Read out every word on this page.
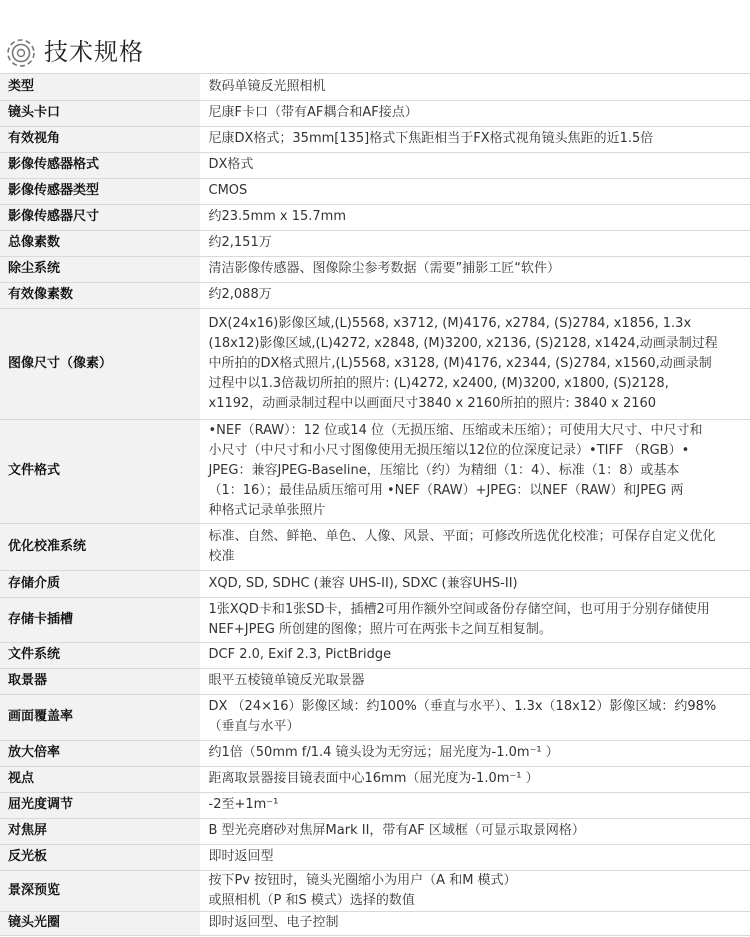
技术规格
类型	数码单镜反光照相机
镜头卡口	尼康F卡口（带有AF耦合和AF接点）
有效视角	尼康DX格式；35mm[135]格式下焦距相当于FX格式视角镜头焦距的近1.5倍
影像传感器格式	DX格式
影像传感器类型	CMOS
影像传感器尺寸	约23.5mm x 15.7mm
总像素数	约2,151万
除尘系统	清洁影像传感器、图像除尘参考数据（需要”捕影工匠“软件）
有效像素数	约2,088万
图像尺寸（像素）	DX(24x16)影像区域,(L)5568, x3712, (M)4176, x2784, (S)2784, x1856, 1.3x
(18x12)影像区域,(L)4272, x2848, (M)3200, x2136, (S)2128, x1424,动画录制过程
中所拍的DX格式照片,(L)5568, x3128, (M)4176, x2344, (S)2784, x1560,动画录制
过程中以1.3倍裁切所拍的照片: (L)4272, x2400, (M)3200, x1800, (S)2128,
x1192，动画录制过程中以画面尺寸3840 x 2160所拍的照片: 3840 x 2160
文件格式	•NEF（RAW）：12 位或14 位（无损压缩、压缩或未压缩）；可使用大尺寸、中尺寸和
小尺寸（中尺寸和小尺寸图像使用无损压缩以12位的位深度记录）•TIFF （RGB）•
JPEG：兼容JPEG-Baseline，压缩比（约）为精细（1：4）、标准（1：8）或基本
（1：16）；最佳品质压缩可用 •NEF（RAW）+JPEG：以NEF（RAW）和JPEG 两
种格式记录单张照片
优化校准系统	标准、自然、鲜艳、单色、人像、风景、平面；可修改所选优化校准；可保存自定义优化
校准
存储介质	XQD, SD, SDHC (兼容 UHS-II), SDXC (兼容UHS-II)
存储卡插槽	1张XQD卡和1张SD卡，插槽2可用作额外空间或备份存储空间，也可用于分别存储使用
NEF+JPEG 所创建的图像；照片可在两张卡之间互相复制。
文件系统	DCF 2.0, Exif 2.3, PictBridge
取景器	眼平五棱镜单镜反光取景器
画面覆盖率	DX （24×16）影像区域：约100%（垂直与水平）、1.3x（18x12）影像区域：约98%
（垂直与水平）
放大倍率	约1倍（50mm f/1.4 镜头设为无穷远；屈光度为-1.0m⁻¹ ）
视点	距离取景器接目镜表面中心16mm（屈光度为-1.0m⁻¹ ）
屈光度调节	-2至+1m⁻¹
对焦屏	B 型光亮磨砂对焦屏Mark II，带有AF 区域框（可显示取景网格）
反光板	即时返回型
景深预览	按下Pv 按钮时，镜头光圈缩小为用户（A 和M 模式）
或照相机（P 和S 模式）选择的数值
镜头光圈	即时返回型、电子控制
